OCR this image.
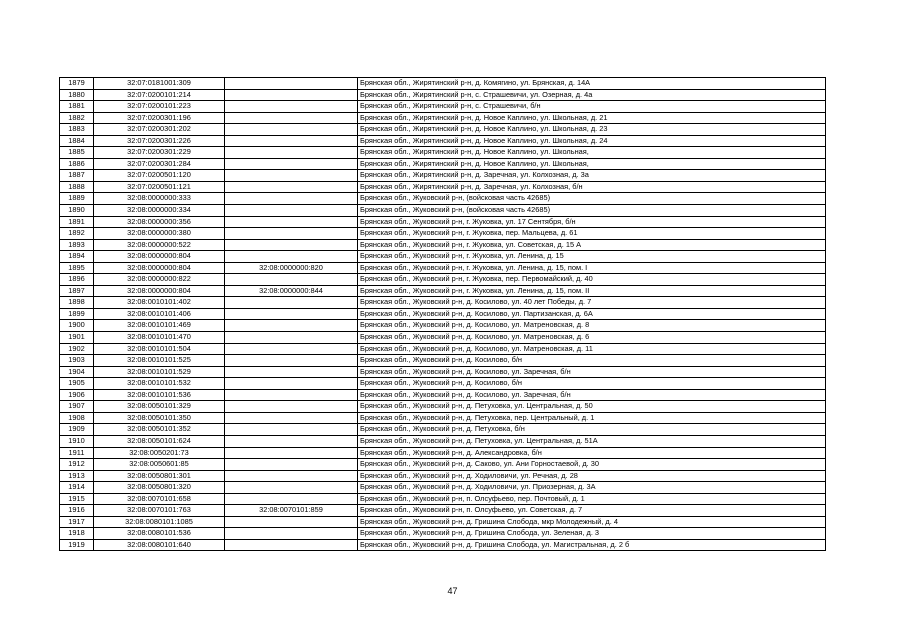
1879	32:07:0181001:309		Брянская обл., Жирятинский р-н, д. Комягино, ул. Брянская, д. 14А
1880	32:07:0200101:214		Брянская обл., Жирятинский р-н, с. Страшевичи, ул. Озерная, д. 4а
1881	32:07:0200101:223		Брянская обл., Жирятинский р-н, с. Страшевичи, б/н
1882	32:07:0200301:196		Брянская обл., Жирятинский р-н, д. Новое Каплино, ул. Школьная, д. 21
1883	32:07:0200301:202		Брянская обл., Жирятинский р-н, д. Новое Каплино, ул. Школьная, д. 23
1884	32:07:0200301:226		Брянская обл., Жирятинский р-н, д. Новое Каплино, ул. Школьная, д. 24
1885	32:07:0200301:229		Брянская обл., Жирятинский р-н, д. Новое Каплино, ул. Школьная,
1886	32:07:0200301:284		Брянская обл., Жирятинский р-н, д. Новое Каплино, ул. Школьная,
1887	32:07:0200501:120		Брянская обл., Жирятинский р-н, д. Заречная, ул. Колхозная, д. 3а
1888	32:07:0200501:121		Брянская обл., Жирятинский р-н, д. Заречная, ул. Колхозная, б/н
1889	32:08:0000000:333		Брянская обл., Жуковский р-н, (войсковая часть 42685)
1890	32:08:0000000:334		Брянская обл., Жуковский р-н, (войсковая часть 42685)
1891	32:08:0000000:356		Брянская обл., Жуковский р-н, г. Жуковка, ул. 17 Сентября, б/н
1892	32:08:0000000:380		Брянская обл., Жуковский р-н, г. Жуковка, пер. Мальцева, д. 61
1893	32:08:0000000:522		Брянская обл., Жуковский р-н, г. Жуковка, ул. Советская, д. 15 А
1894	32:08:0000000:804		Брянская обл., Жуковский р-н, г. Жуковка, ул. Ленина, д. 15
1895	32:08:0000000:804	32:08:0000000:820	Брянская обл., Жуковский р-н, г. Жуковка, ул. Ленина, д. 15, пом. I
1896	32:08:0000000:822		Брянская обл., Жуковский р-н, г. Жуковка, пер. Первомайский, д. 40
1897	32:08:0000000:804	32:08:0000000:844	Брянская обл., Жуковский р-н, г. Жуковка, ул. Ленина, д. 15, пом. II
1898	32:08:0010101:402		Брянская обл., Жуковский р-н, д. Косилово, ул. 40 лет Победы, д. 7
1899	32:08:0010101:406		Брянская обл., Жуковский р-н, д. Косилово, ул. Партизанская, д. 6А
1900	32:08:0010101:469		Брянская обл., Жуковский р-н, д. Косилово, ул. Матреновская, д. 8
1901	32:08:0010101:470		Брянская обл., Жуковский р-н, д. Косилово, ул. Матреновская, д. 6
1902	32:08:0010101:504		Брянская обл., Жуковский р-н, д. Косилово, ул. Матреновская, д. 11
1903	32:08:0010101:525		Брянская обл., Жуковский р-н, д. Косилово, б/н
1904	32:08:0010101:529		Брянская обл., Жуковский р-н, д. Косилово, ул. Заречная, б/н
1905	32:08:0010101:532		Брянская обл., Жуковский р-н, д. Косилово, б/н
1906	32:08:0010101:536		Брянская обл., Жуковский р-н, д. Косилово, ул. Заречная, б/н
1907	32:08:0050101:329		Брянская обл., Жуковский р-н, д. Петуховка, ул. Центральная, д. 50
1908	32:08:0050101:350		Брянская обл., Жуковский р-н, д. Петуховка, пер. Центральный, д. 1
1909	32:08:0050101:352		Брянская обл., Жуковский р-н, д. Петуховка, б/н
1910	32:08:0050101:624		Брянская обл., Жуковский р-н, д. Петуховка, ул. Центральная, д. 51А
1911	32:08:0050201:73		Брянская обл., Жуковский р-н, д. Александровка, б/н
1912	32:08:0050601:85		Брянская обл., Жуковский р-н, д. Саково, ул. Ани Горностаевой, д. 30
1913	32:08:0050801:301		Брянская обл., Жуковский р-н, д. Ходиловичи, ул. Речная, д. 28
1914	32:08:0050801:320		Брянская обл., Жуковский р-н, д. Ходиловичи, ул. Приозерная, д. 3А
1915	32:08:0070101:658		Брянская обл., Жуковский р-н, п. Олсуфьево, пер. Почтовый, д. 1
1916	32:08:0070101:763	32:08:0070101:859	Брянская обл., Жуковский р-н, п. Олсуфьево, ул. Советская, д. 7
1917	32:08:0080101:1085		Брянская обл., Жуковский р-н, д. Гришина Слобода, мкр Молодежный, д. 4
1918	32:08:0080101:536		Брянская обл., Жуковский р-н, д. Гришина Слобода, ул. Зеленая, д. 3
1919	32:08:0080101:640		Брянская обл., Жуковский р-н, д. Гришина Слобода, ул. Магистральная, д. 2 б
47
